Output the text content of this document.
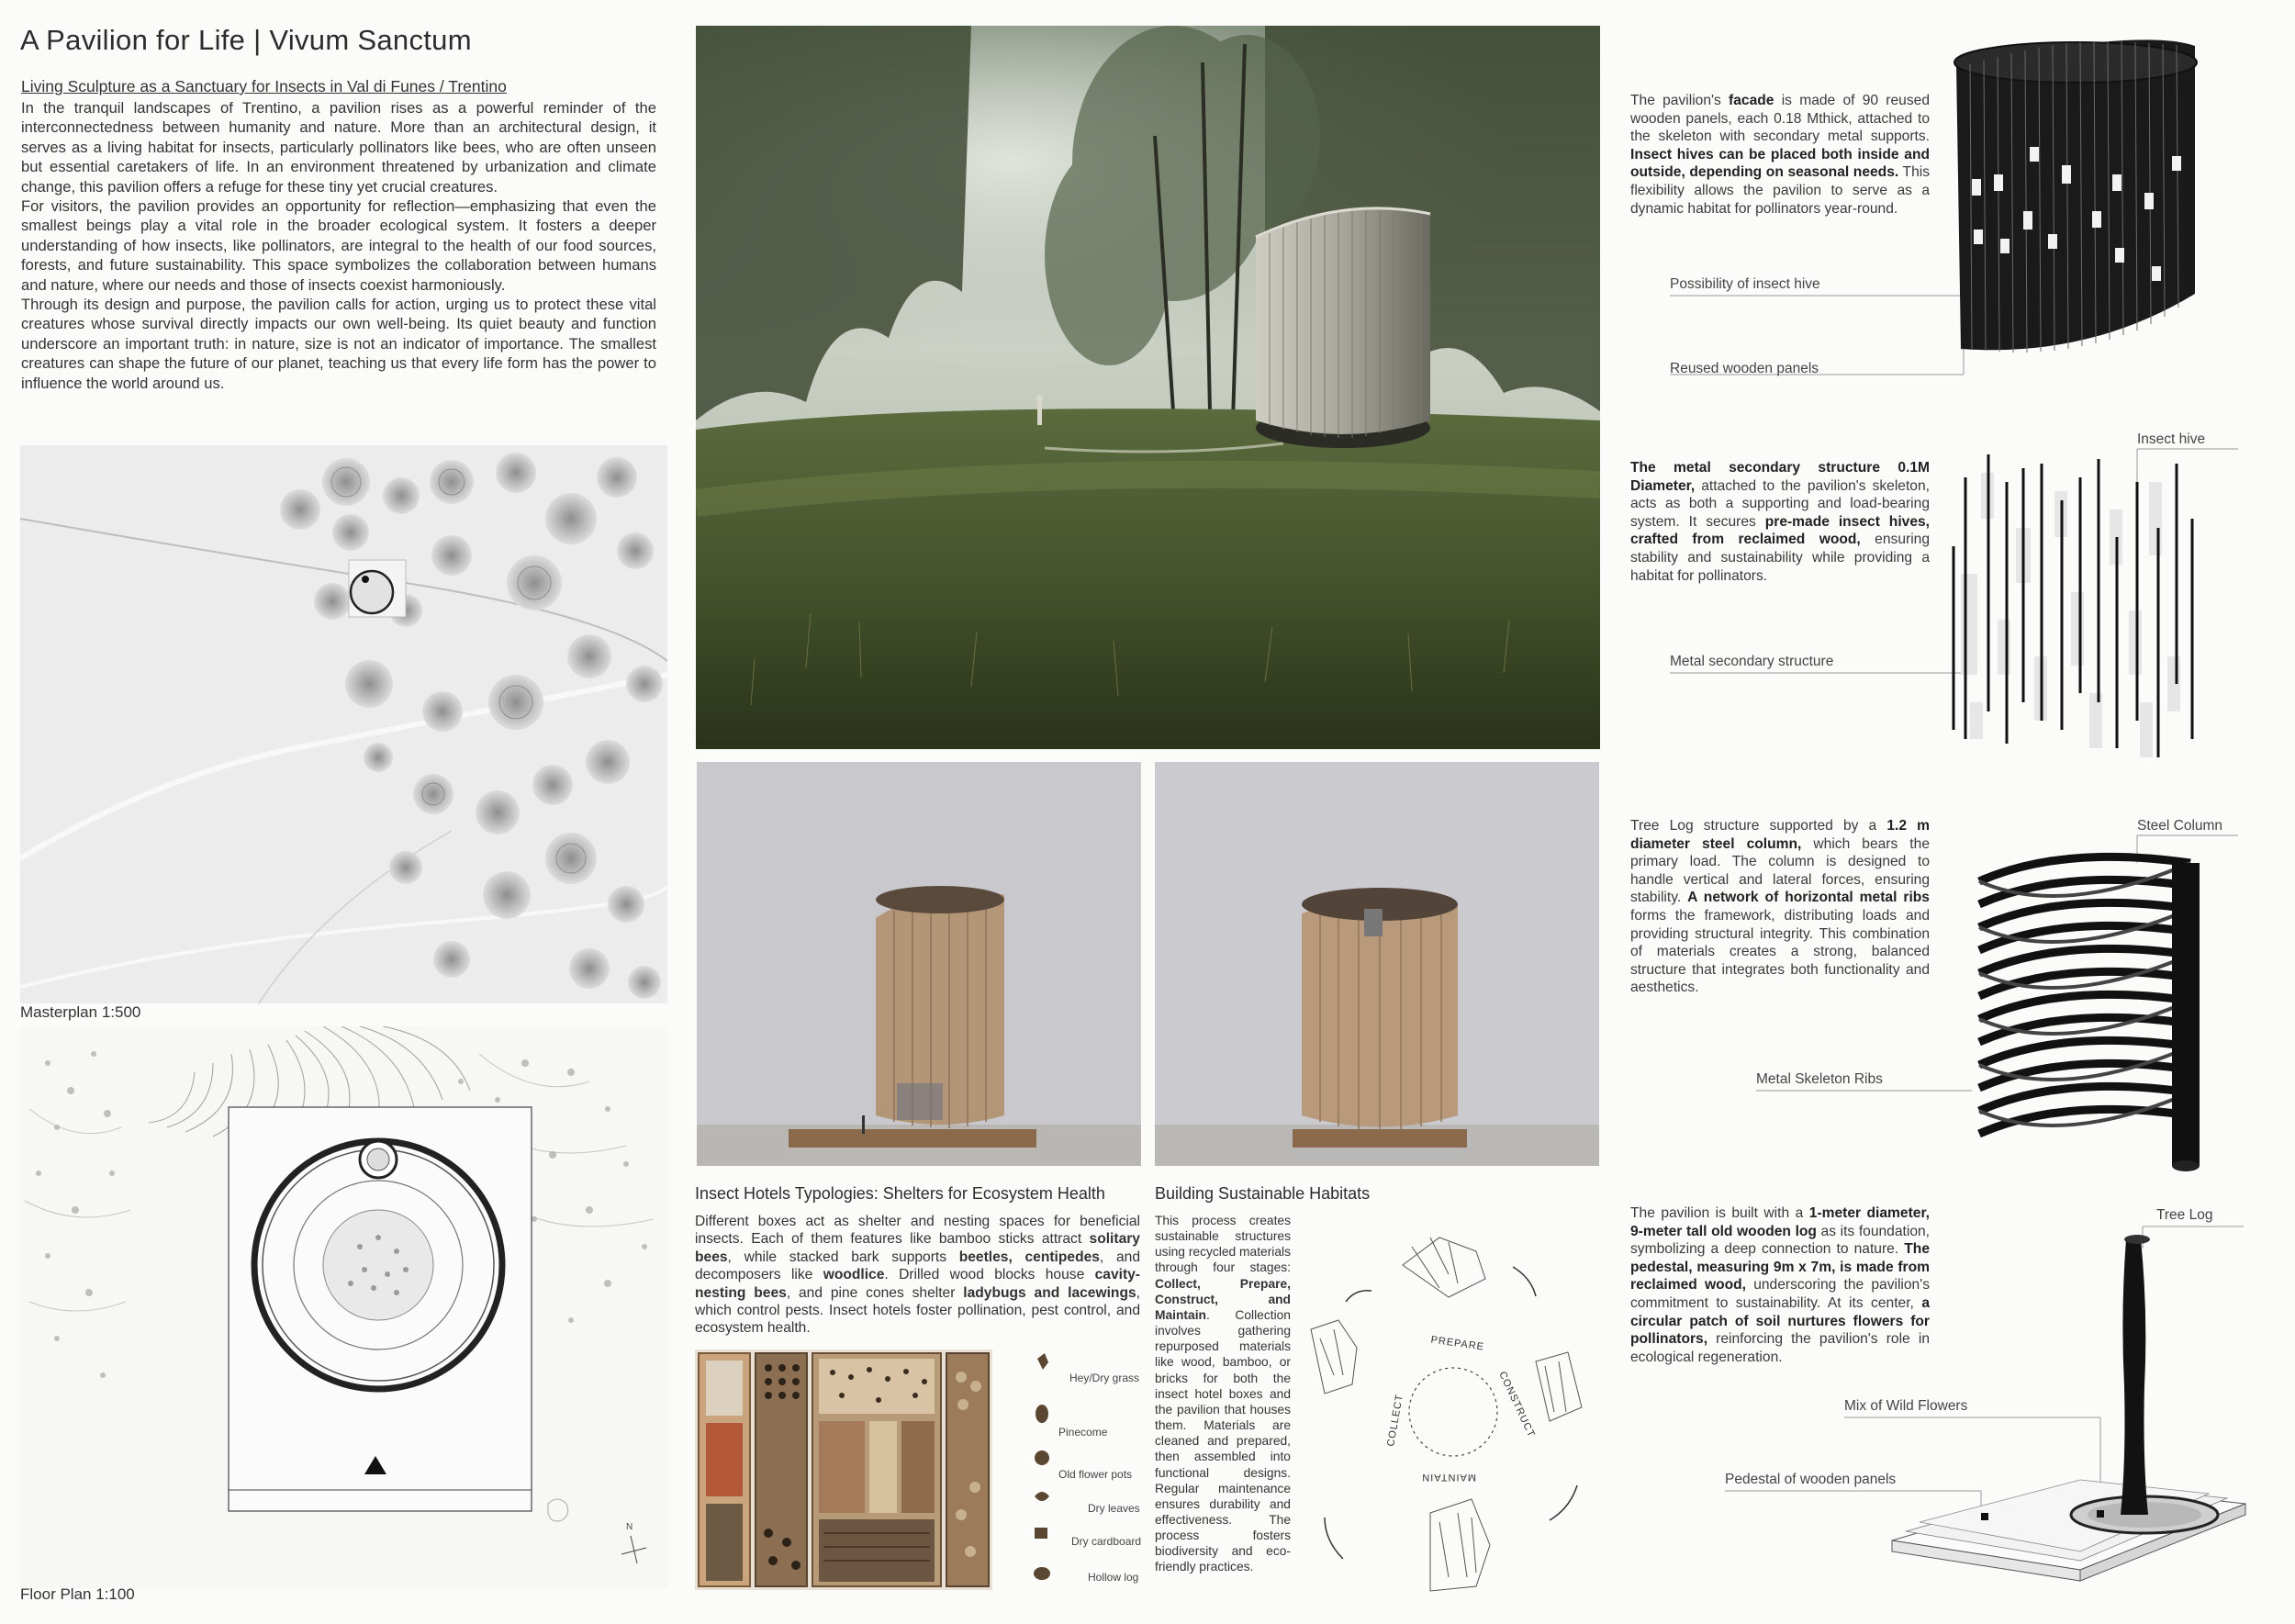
A Pavilion for Life | Vivum Sanctum
Living Sculpture as a Sanctuary for Insects in Val di Funes / Trentino

In the tranquil landscapes of Trentino, a pavilion rises as a powerful reminder of the interconnectedness between humanity and nature. More than an architectural design, it serves as a living habitat for insects, particularly pollinators like bees, who are often unseen but essential caretakers of life. In an environment threatened by urbanization and climate change, this pavilion offers a refuge for these tiny yet crucial creatures.

For visitors, the pavilion provides an opportunity for reflection—emphasizing that even the smallest beings play a vital role in the broader ecological system. It fosters a deeper understanding of how insects, like pollinators, are integral to the health of our food sources, forests, and future sustainability. This space symbolizes the collaboration between humans and nature, where our needs and those of insects coexist harmoniously.

Through its design and purpose, the pavilion calls for action, urging us to protect these vital creatures whose survival directly impacts our own well-being. Its quiet beauty and function underscore an important truth: in nature, size is not an indicator of importance. The smallest creatures can shape the future of our planet, teaching us that every life form has the power to influence the world around us.

Masterplan 1:500
N
Floor Plan 1:100
Insect Hotels Typologies: Shelters for Ecosystem Health
Different boxes act as shelter and nesting spaces for beneficial insects. Each of them features like bamboo sticks attract solitary bees, while stacked bark supports beetles, centipedes, and decomposers like woodlice. Drilled wood blocks house cavity-nesting bees, and pine cones shelter ladybugs and lacewings, which control pests. Insect hotels foster pollination, pest control, and ecosystem health.
Hey/Dry grass
Pinecome
Old flower pots
Dry leaves
Dry cardboard
Hollow log
Building Sustainable Habitats
This process creates sustainable structures using recycled materials through four stages: Collect, Prepare, Construct, and Maintain. Collection involves gathering repurposed materials like wood, bamboo, or bricks for both the insect hotel boxes and the pavilion that houses them. Materials are cleaned and prepared, then assembled into functional designs. Regular maintenance ensures durability and effectiveness. The process fosters biodiversity and eco-friendly practices.
PREPARE
CONSTRUCT
MAINTAIN
COLLECT
The pavilion's facade is made of 90 reused wooden panels, each 0.18 Mthick, attached to the skeleton with secondary metal supports. Insect hives can be placed both inside and outside, depending on seasonal needs. This flexibility allows the pavilion to serve as a dynamic habitat for pollinators year-round.
Possibility of insect hive
Reused wooden panels
The metal secondary structure 0.1M Diameter, attached to the pavilion's skeleton, acts as both a supporting and load-bearing system. It secures pre-made insect hives, crafted from reclaimed wood, ensuring stability and sustainability while providing a habitat for pollinators.
Insect hive
Metal secondary structure
Tree Log structure supported by a 1.2 m diameter steel column, which bears the primary load. The column is designed to handle vertical and lateral forces, ensuring stability. A network of horizontal metal ribs forms the framework, distributing loads and providing structural integrity. This combination of materials creates a strong, balanced structure that integrates both functionality and aesthetics.
Steel Column
Metal Skeleton Ribs
The pavilion is built with a 1-meter diameter, 9-meter tall old wooden log as its foundation, symbolizing a deep connection to nature. The pedestal, measuring 9m x 7m, is made from reclaimed wood, underscoring the pavilion's commitment to sustainability. At its center, a circular patch of soil nurtures flowers for pollinators, reinforcing the pavilion's role in ecological regeneration.
Tree Log
Mix of Wild Flowers
Pedestal of wooden panels
